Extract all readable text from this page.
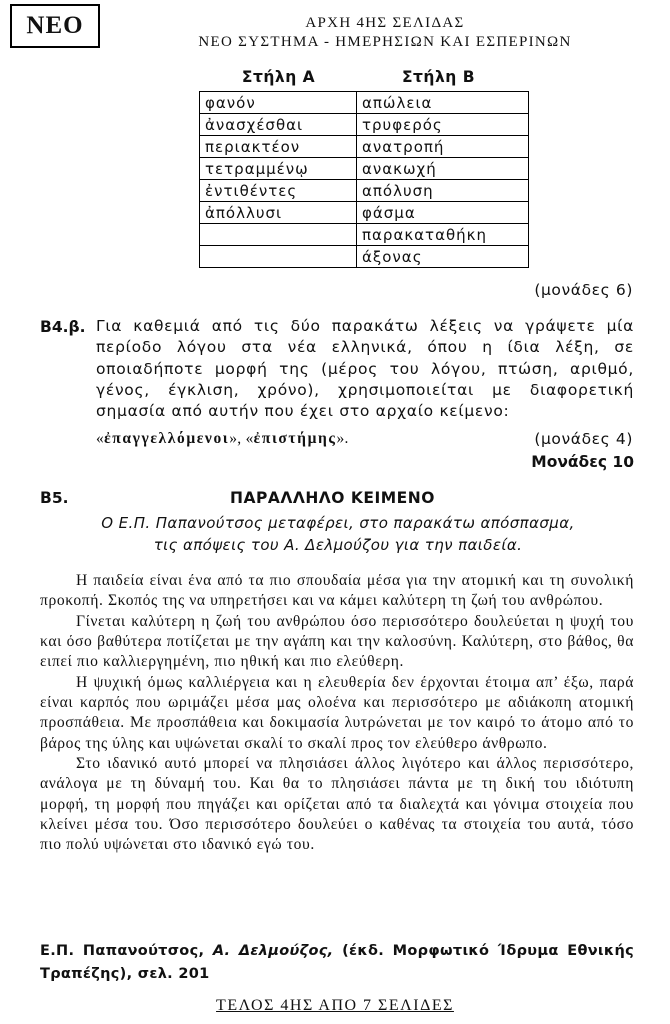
ΝΕΟ	ΑΡΧΗ 4ΗΣ ΣΕΛΙΔΑΣ
ΝΕΟ ΣΥΣΤΗΜΑ - ΗΜΕΡΗΣΙΩΝ ΚΑΙ ΕΣΠΕΡΙΝΩΝ
Στήλη Α	Στήλη Β
φανόν	απώλεια
ἀνασχέσθαι	τρυφερός
περιακτέον	ανατροπή
τετραμμένῳ	ανακωχή
ἐντιθέντες	απόλυση
ἀπόλλυσι	φάσμα
	παρακαταθήκη
	άξονας
(μονάδες 6)
Β4.β. Για καθεμιά από τις δύο παρακάτω λέξεις να γράψετε μία περίοδο λόγου στα νέα ελληνικά, όπου η ίδια λέξη, σε οποιαδήποτε μορφή της (μέρος του λόγου, πτώση, αριθμό, γένος, έγκλιση, χρόνο), χρησιμοποιείται με διαφορετική σημασία από αυτήν που έχει στο αρχαίο κείμενο:
«ἐπαγγελλόμενοι», «ἐπιστήμης».	(μονάδες 4)
Μονάδες 10
Β5.	ΠΑΡΑΛΛΗΛΟ ΚΕΙΜΕΝΟ
Ο Ε.Π. Παπανούτσος μεταφέρει, στο παρακάτω απόσπασμα,
τις απόψεις του Α. Δελμούζου για την παιδεία.

Η παιδεία είναι ένα από τα πιο σπουδαία μέσα για την ατομική και τη συνολική προκοπή. Σκοπός της να υπηρετήσει και να κάμει καλύτερη τη ζωή του ανθρώπου.

Γίνεται καλύτερη η ζωή του ανθρώπου όσο περισσότερο δουλεύεται η ψυχή του και όσο βαθύτερα ποτίζεται με την αγάπη και την καλοσύνη. Καλύτερη, στο βάθος, θα ειπεί πιο καλλιεργημένη, πιο ηθική και πιο ελεύθερη.

Η ψυχική όμως καλλιέργεια και η ελευθερία δεν έρχονται έτοιμα απ’ έξω, παρά είναι καρπός που ωριμάζει μέσα μας ολοένα και περισσότερο με αδιάκοπη ατομική προσπάθεια. Με προσπάθεια και δοκιμασία λυτρώνεται με τον καιρό το άτομο από το βάρος της ύλης και υψώνεται σκαλί το σκαλί προς τον ελεύθερο άνθρωπο.

Στο ιδανικό αυτό μπορεί να πλησιάσει άλλος λιγότερο και άλλος περισσότερο, ανάλογα με τη δύναμή του. Και θα το πλησιάσει πάντα με τη δική του ιδιότυπη μορφή, τη μορφή που πηγάζει και ορίζεται από τα διαλεχτά και γόνιμα στοιχεία που κλείνει μέσα του. Όσο περισσότερο δουλεύει ο καθένας τα στοιχεία του αυτά, τόσο πιο πολύ υψώνεται στο ιδανικό εγώ του.

Ε.Π. Παπανούτσος, Α. Δελμούζος, (έκδ. Μορφωτικό Ίδρυμα Εθνικής Τραπέζης), σελ. 201
ΤΕΛΟΣ 4ΗΣ ΑΠΟ 7 ΣΕΛΙΔΕΣ
